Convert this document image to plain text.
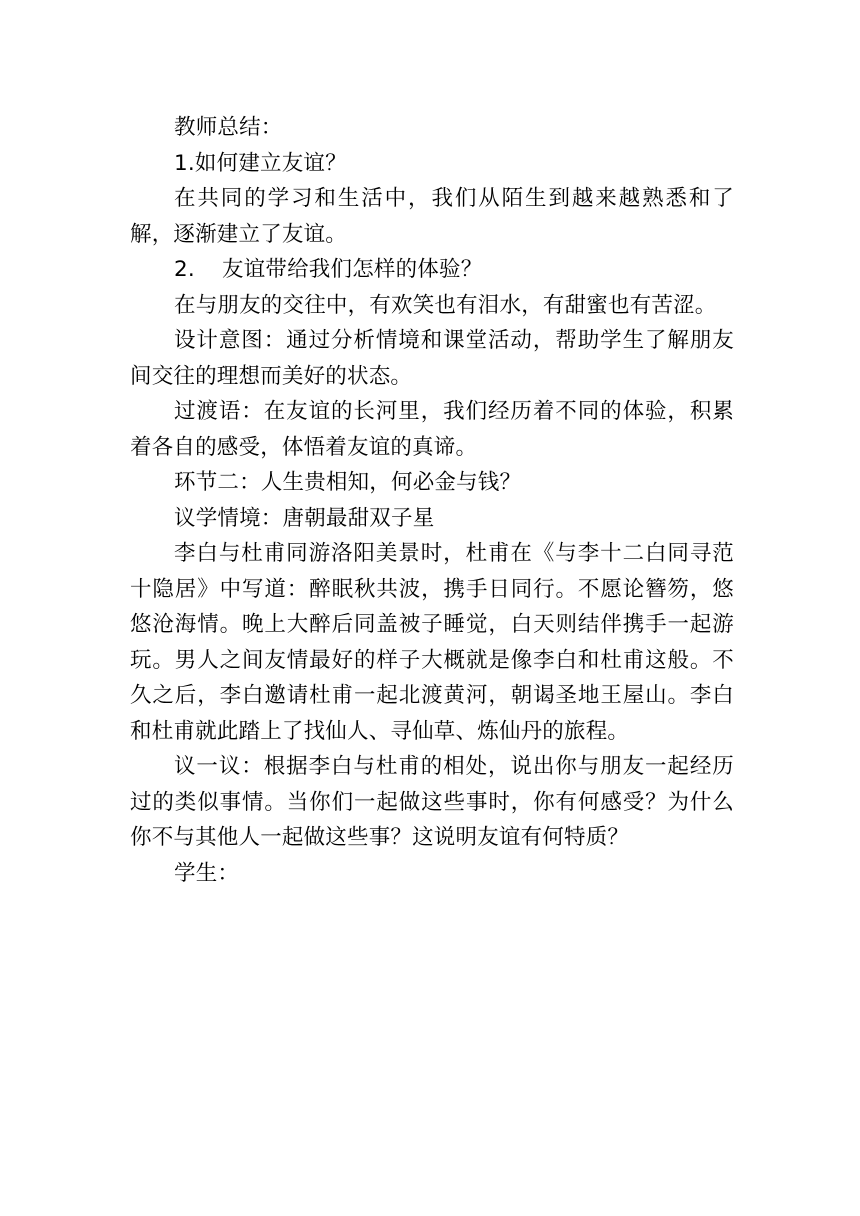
教师总结：

1.如何建立友谊？

在共同的学习和生活中，我们从陌生到越来越熟悉和了解，逐渐建立了友谊。

2. 友谊带给我们怎样的体验？

在与朋友的交往中，有欢笑也有泪水，有甜蜜也有苦涩。

设计意图：通过分析情境和课堂活动，帮助学生了解朋友间交往的理想而美好的状态。

过渡语：在友谊的长河里，我们经历着不同的体验，积累着各自的感受，体悟着友谊的真谛。

环节二：人生贵相知，何必金与钱？

议学情境：唐朝最甜双子星

李白与杜甫同游洛阳美景时，杜甫在《与李十二白同寻范十隐居》中写道：醉眠秋共波，携手日同行。不愿论簪笏，悠悠沧海情。晚上大醉后同盖被子睡觉，白天则结伴携手一起游玩。男人之间友情最好的样子大概就是像李白和杜甫这般。不久之后，李白邀请杜甫一起北渡黄河，朝谒圣地王屋山。李白和杜甫就此踏上了找仙人、寻仙草、炼仙丹的旅程。

议一议：根据李白与杜甫的相处，说出你与朋友一起经历过的类似事情。当你们一起做这些事时，你有何感受？为什么你不与其他人一起做这些事？这说明友谊有何特质？

学生：
